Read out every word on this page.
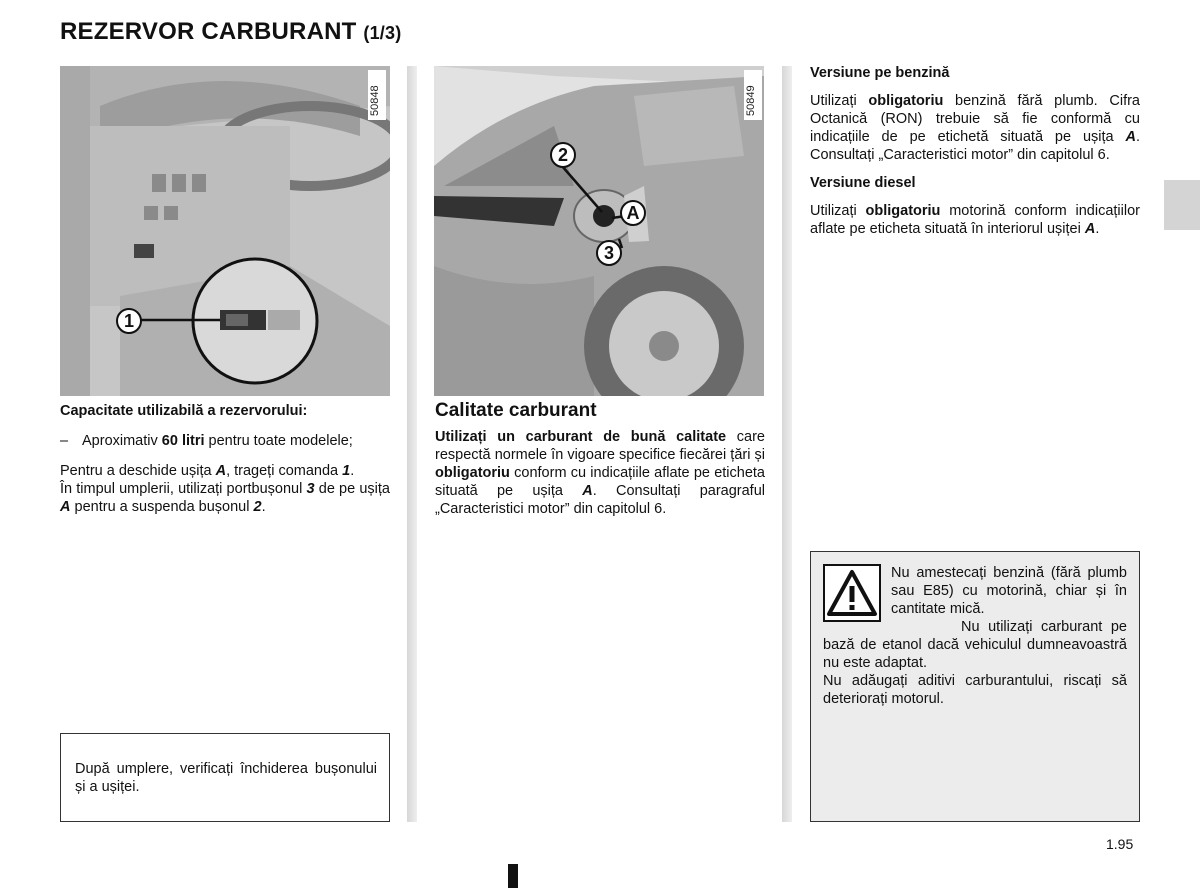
REZERVOR CARBURANT (1/3)
50848
1
50849
2
A
3

Capacitate utilizabilă a rezervorului:

– Aproximativ 60 litri pentru toate modelele;

Pentru a deschide ușița A, trageți comanda 1.

În timpul umplerii, utilizați portbușonul 3 de pe ușița A pentru a suspenda bușonul 2.

După umplere, verificați închiderea bușonului și a ușiței.

Calitate carburant

Utilizați un carburant de bună calitate care respectă normele în vigoare specifice fiecărei țări și obligatoriu conform cu indicațiile aflate pe eticheta situată pe ușița A. Consultați paragraful „Caracteristici motor” din capitolul 6.

Versiune pe benzină

Utilizați obligatoriu benzină fără plumb. Cifra Octanică (RON) trebuie să fie conformă cu indicațiile de pe etichetă situată pe ușița A. Consultați „Caracteristici motor” din capitolul 6.

Versiune diesel

Utilizați obligatoriu motorină conform indicațiilor aflate pe eticheta situată în interiorul ușiței A.

Nu amestecați benzină (fără plumb sau E85) cu motorină, chiar și în cantitate mică.

Nu utilizați carburant pe bază de etanol dacă vehiculul dumneavoastră nu este adaptat.

Nu adăugați aditivi carburantului, riscați să deteriorați motorul.

1.95
